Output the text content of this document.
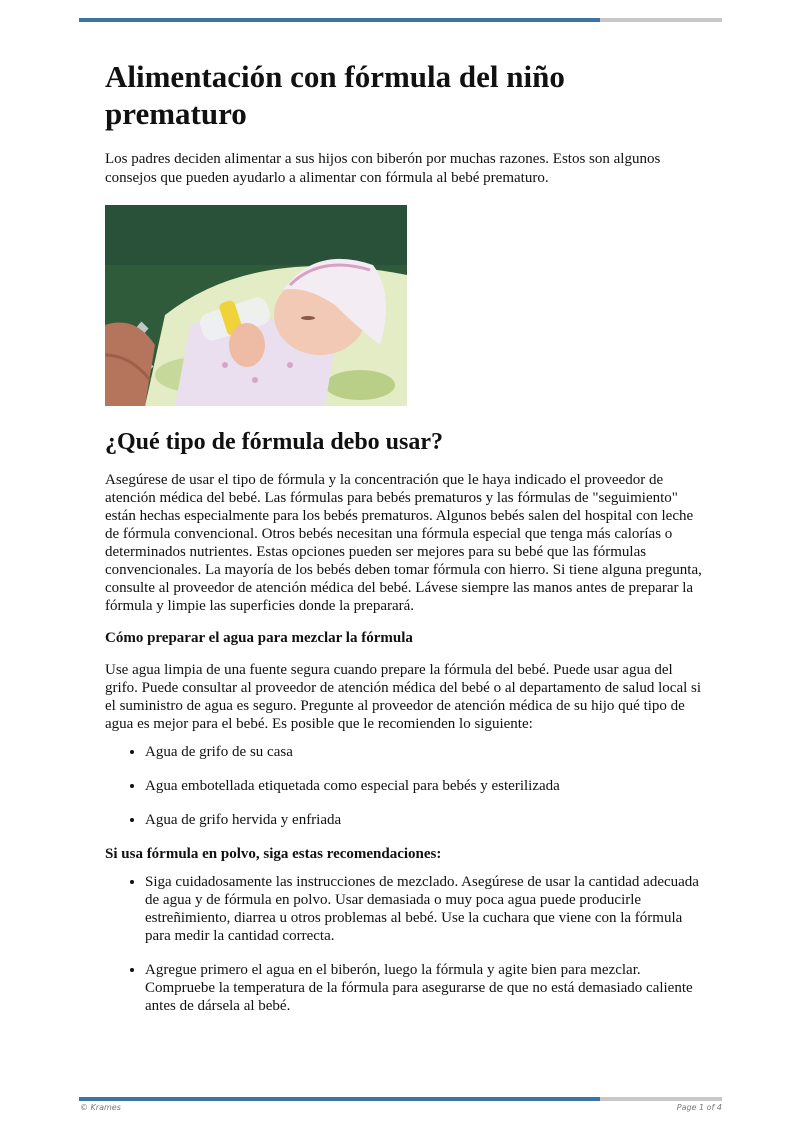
Alimentación con fórmula del niño prematuro

Los padres deciden alimentar a sus hijos con biberón por muchas razones. Estos son algunos consejos que pueden ayudarlo a alimentar con fórmula al bebé prematuro.

¿Qué tipo de fórmula debo usar?

Asegúrese de usar el tipo de fórmula y la concentración que le haya indicado el proveedor de atención médica del bebé. Las fórmulas para bebés prematuros y las fórmulas de "seguimiento" están hechas especialmente para los bebés prematuros. Algunos bebés salen del hospital con leche de fórmula convencional. Otros bebés necesitan una fórmula especial que tenga más calorías o determinados nutrientes. Estas opciones pueden ser mejores para su bebé que las fórmulas convencionales. La mayoría de los bebés deben tomar fórmula con hierro. Si tiene alguna pregunta, consulte al proveedor de atención médica del bebé. Lávese siempre las manos antes de preparar la fórmula y limpie las superficies donde la preparará.

Cómo preparar el agua para mezclar la fórmula

Use agua limpia de una fuente segura cuando prepare la fórmula del bebé. Puede usar agua del grifo. Puede consultar al proveedor de atención médica del bebé o al departamento de salud local si el suministro de agua es seguro. Pregunte al proveedor de atención médica de su hijo qué tipo de agua es mejor para el bebé. Es posible que le recomienden lo siguiente:

• Agua de grifo de su casa
• Agua embotellada etiquetada como especial para bebés y esterilizada
• Agua de grifo hervida y enfriada
Si usa fórmula en polvo, siga estas recomendaciones:
• Siga cuidadosamente las instrucciones de mezclado. Asegúrese de usar la cantidad adecuada de agua y de fórmula en polvo. Usar demasiada o muy poca agua puede producirle estreñimiento, diarrea u otros problemas al bebé. Use la cuchara que viene con la fórmula para medir la cantidad correcta.
• Agregue primero el agua en el biberón, luego la fórmula y agite bien para mezclar. Compruebe la temperatura de la fórmula para asegurarse de que no está demasiado caliente antes de dársela al bebé.
© Krames	Page 1 of 4
